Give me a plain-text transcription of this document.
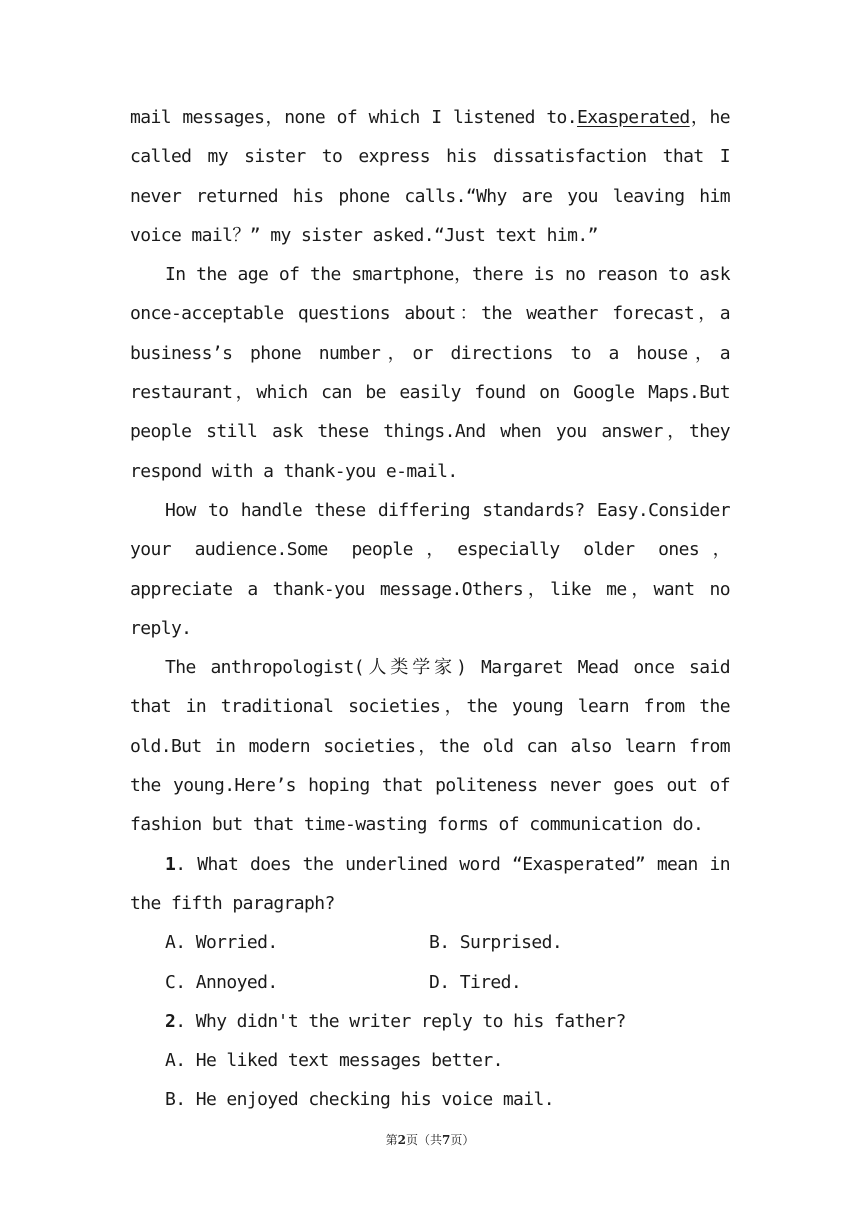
mail messages，none of which I listened to.Exasperated，he called my sister to express his dissatisfaction that I never returned his phone calls.“Why are you leaving him voice mail？” my sister asked.“Just text him.”

In the age of the smartphone，there is no reason to ask once-acceptable questions about：the weather forecast，a business’s phone number，or directions to a house，a restaurant，which can be easily found on Google Maps.But people still ask these things.And when you answer，they respond with a thank-you e-mail.

How to handle these differing standards? Easy.Consider your audience.Some people，especially older ones，appreciate a thank-you message.Others，like me，want no reply.

The anthropologist(人类学家) Margaret Mead once said that in traditional societies，the young learn from the old.But in modern societies，the old can also learn from the young.Here’s hoping that politeness never goes out of fashion but that time-wasting forms of communication do.

1. What does the underlined word “Exasperated” mean in the fifth paragraph?

A. Worried.	B. Surprised.
C. Annoyed.	D. Tired.

2. Why didn't the writer reply to his father?

A. He liked text messages better.
B. He enjoyed checking his voice mail.
第2页（共7页）
